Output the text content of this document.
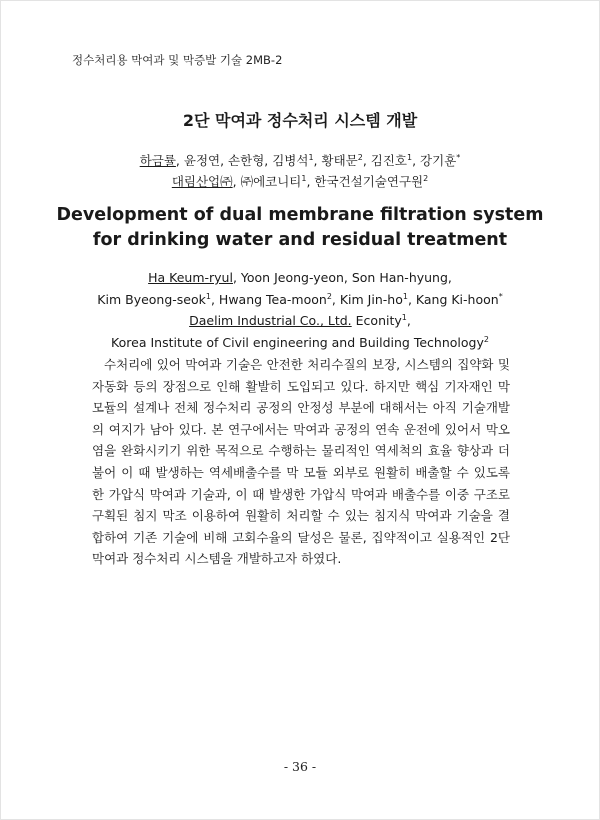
정수처리용 막여과 및 막증발 기술 2MB-2
2단 막여과 정수처리 시스템 개발
하금률, 윤정연, 손한형, 김병석$^1$, 황태문$^2$, 김진호$^1$, 강기훈*
대림산업㈜, ㈜에코니티$^1$, 한국건설기술연구원$^2$
Development of dual membrane filtration system
for drinking water and residual treatment
Ha Keum-ryul, Yoon Jeong-yeon, Son Han-hyung,
Kim Byeong-seok$^1$, Hwang Tea-moon$^2$, Kim Jin-$ho^1$, Kang Ki-hoon*
Daelim Industrial Co., Ltd. Econity$^1$,
Korea Institute of Civil engineering and Building Technology$^2$

수처리에 있어 막여과 기술은 안전한 처리수질의 보장, 시스템의 집약화 및 자동화 등의 장점으로 인해 활발히 도입되고 있다. 하지만 핵심 기자재인 막 모듈의 설계나 전체 정수처리 공정의 안정성 부분에 대해서는 아직 기술개발의 여지가 남아 있다. 본 연구에서는 막여과 공정의 연속 운전에 있어서 막오염을 완화시키기 위한 목적으로 수행하는 물리적인 역세척의 효율 향상과 더불어 이 때 발생하는 역세배출수를 막 모듈 외부로 원활히 배출할 수 있도록 한 가압식 막여과 기술과, 이 때 발생한 가압식 막여과 배출수를 이중 구조로 구획된 침지 막조 이용하여 원활히 처리할 수 있는 침지식 막여과 기술을 결합하여 기존 기술에 비해 고회수율의 달성은 물론, 집약적이고 실용적인 2단 막여과 정수처리 시스템을 개발하고자 하였다.

- 36 -
